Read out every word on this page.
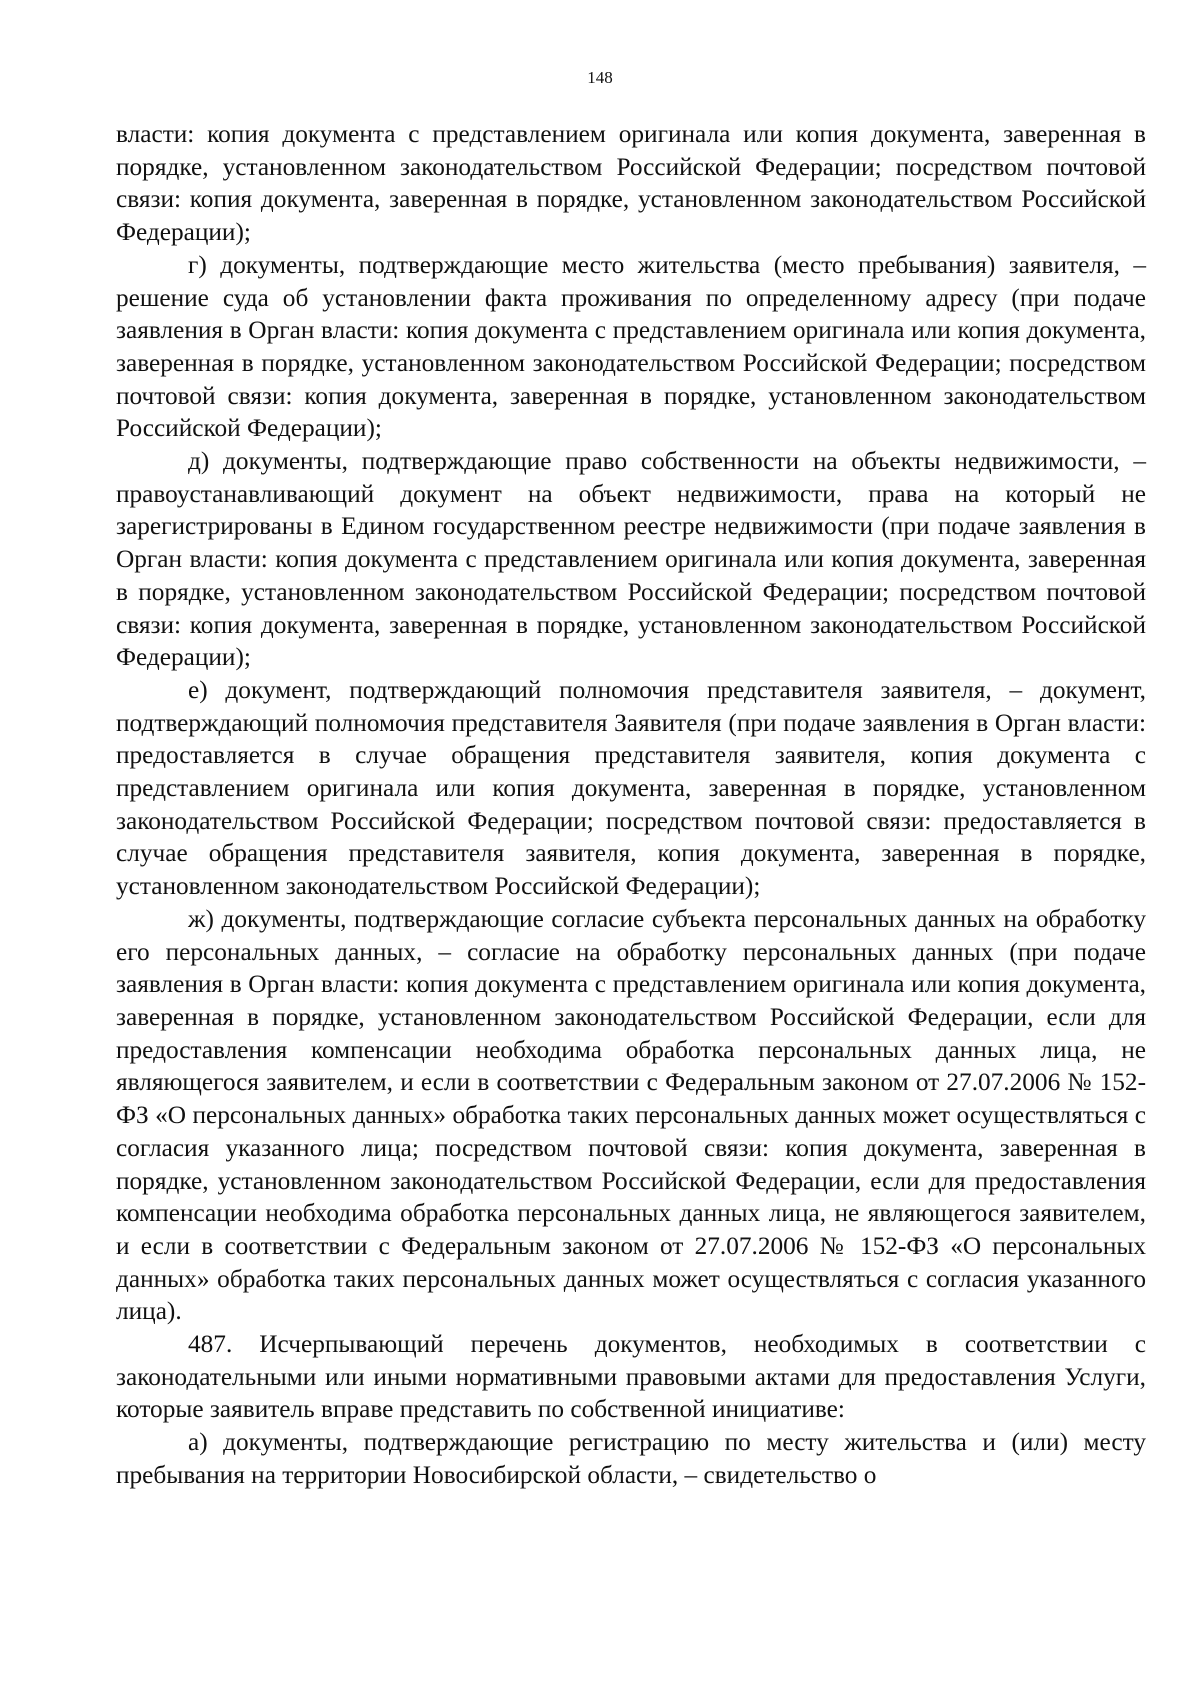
148

власти: копия документа с представлением оригинала или копия документа, заверенная в порядке, установленном законодательством Российской Федерации; посредством почтовой связи: копия документа, заверенная в порядке, установленном законодательством Российской Федерации);

г) документы, подтверждающие место жительства (место пребывания) заявителя, – решение суда об установлении факта проживания по определенному адресу (при подаче заявления в Орган власти: копия документа с представлением оригинала или копия документа, заверенная в порядке, установленном законодательством Российской Федерации; посредством почтовой связи: копия документа, заверенная в порядке, установленном законодательством Российской Федерации);

д) документы, подтверждающие право собственности на объекты недвижимости, – правоустанавливающий документ на объект недвижимости, права на который не зарегистрированы в Едином государственном реестре недвижимости (при подаче заявления в Орган власти: копия документа с представлением оригинала или копия документа, заверенная в порядке, установленном законодательством Российской Федерации; посредством почтовой связи: копия документа, заверенная в порядке, установленном законодательством Российской Федерации);

е) документ, подтверждающий полномочия представителя заявителя, – документ, подтверждающий полномочия представителя Заявителя (при подаче заявления в Орган власти: предоставляется в случае обращения представителя заявителя, копия документа с представлением оригинала или копия документа, заверенная в порядке, установленном законодательством Российской Федерации; посредством почтовой связи: предоставляется в случае обращения представителя заявителя, копия документа, заверенная в порядке, установленном законодательством Российской Федерации);

ж) документы, подтверждающие согласие субъекта персональных данных на обработку его персональных данных, – согласие на обработку персональных данных (при подаче заявления в Орган власти: копия документа с представлением оригинала или копия документа, заверенная в порядке, установленном законодательством Российской Федерации, если для предоставления компенсации необходима обработка персональных данных лица, не являющегося заявителем, и если в соответствии с Федеральным законом от 27.07.2006 № 152-ФЗ «О персональных данных» обработка таких персональных данных может осуществляться с согласия указанного лица; посредством почтовой связи: копия документа, заверенная в порядке, установленном законодательством Российской Федерации, если для предоставления компенсации необходима обработка персональных данных лица, не являющегося заявителем, и если в соответствии с Федеральным законом от 27.07.2006 № 152-ФЗ «О персональных данных» обработка таких персональных данных может осуществляться с согласия указанного лица).

487. Исчерпывающий перечень документов, необходимых в соответствии с законодательными или иными нормативными правовыми актами для предоставления Услуги, которые заявитель вправе представить по собственной инициативе:

а) документы, подтверждающие регистрацию по месту жительства и (или) месту пребывания на территории Новосибирской области, – свидетельство о
